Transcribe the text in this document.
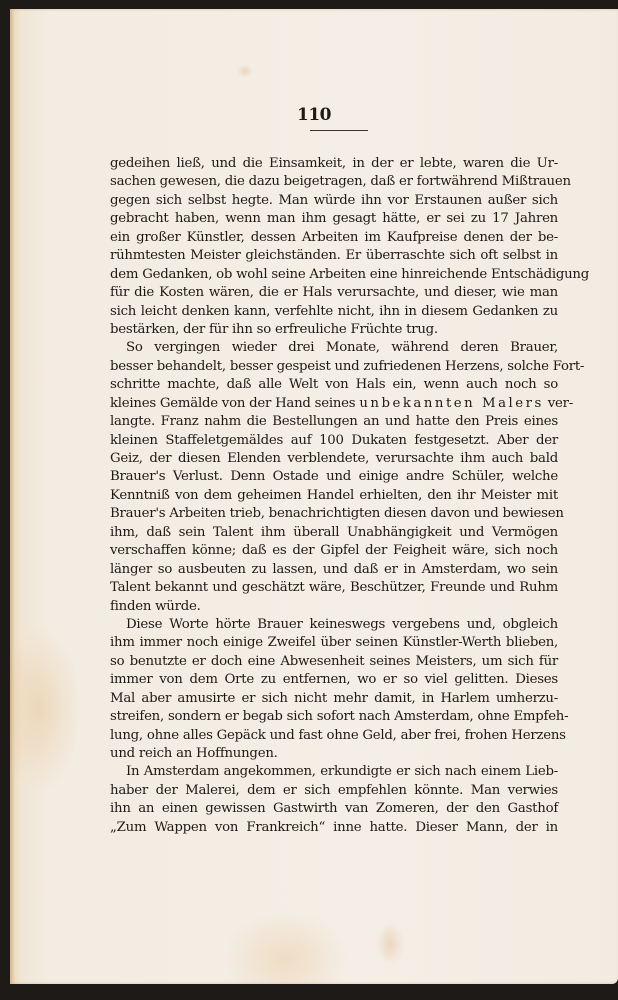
110
gedeihen ließ, und die Einsamkeit, in der er lebte, waren die Ur-
sachen gewesen, die dazu beigetragen, daß er fortwährend Mißtrauen
gegen sich selbst hegte. Man würde ihn vor Erstaunen außer sich
gebracht haben, wenn man ihm gesagt hätte, er sei zu 17 Jahren
ein großer Künstler, dessen Arbeiten im Kaufpreise denen der be-
rühmtesten Meister gleichständen. Er überraschte sich oft selbst in
dem Gedanken, ob wohl seine Arbeiten eine hinreichende Entschädigung
für die Kosten wären, die er Hals verursachte, und dieser, wie man
sich leicht denken kann, verfehlte nicht, ihn in diesem Gedanken zu
bestärken, der für ihn so erfreuliche Früchte trug.
So vergingen wieder drei Monate, während deren Brauer,
besser behandelt, besser gespeist und zufriedenen Herzens, solche Fort-
schritte machte, daß alle Welt von Hals ein, wenn auch noch so
kleines Gemälde von der Hand seines unbekannten Malers ver-
langte. Franz nahm die Bestellungen an und hatte den Preis eines
kleinen Staffeletgemäldes auf 100 Dukaten festgesetzt. Aber der
Geiz, der diesen Elenden verblendete, verursachte ihm auch bald
Brauer's Verlust. Denn Ostade und einige andre Schüler, welche
Kenntniß von dem geheimen Handel erhielten, den ihr Meister mit
Brauer's Arbeiten trieb, benachrichtigten diesen davon und bewiesen
ihm, daß sein Talent ihm überall Unabhängigkeit und Vermögen
verschaffen könne; daß es der Gipfel der Feigheit wäre, sich noch
länger so ausbeuten zu lassen, und daß er in Amsterdam, wo sein
Talent bekannt und geschätzt wäre, Beschützer, Freunde und Ruhm
finden würde.
Diese Worte hörte Brauer keineswegs vergebens und, obgleich
ihm immer noch einige Zweifel über seinen Künstler-Werth blieben,
so benutzte er doch eine Abwesenheit seines Meisters, um sich für
immer von dem Orte zu entfernen, wo er so viel gelitten. Dieses
Mal aber amusirte er sich nicht mehr damit, in Harlem umherzu-
streifen, sondern er begab sich sofort nach Amsterdam, ohne Empfeh-
lung, ohne alles Gepäck und fast ohne Geld, aber frei, frohen Herzens
und reich an Hoffnungen.
In Amsterdam angekommen, erkundigte er sich nach einem Lieb-
haber der Malerei, dem er sich empfehlen könnte. Man verwies
ihn an einen gewissen Gastwirth van Zomeren, der den Gasthof
„Zum Wappen von Frankreich“ inne hatte. Dieser Mann, der in
